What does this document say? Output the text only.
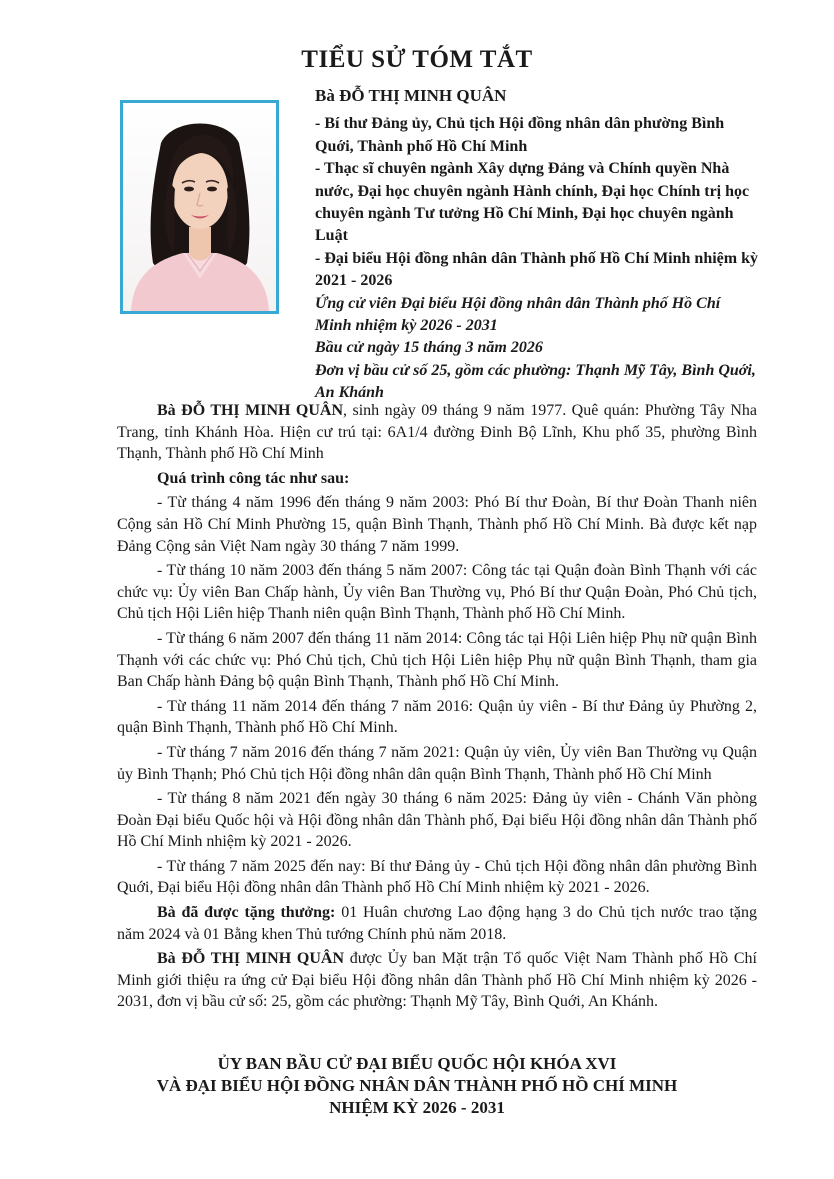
TIỂU SỬ TÓM TẮT

Bà ĐỖ THỊ MINH QUÂN

- Bí thư Đảng ủy, Chủ tịch Hội đồng nhân dân phường Bình Quới, Thành phố Hồ Chí Minh

- Thạc sĩ chuyên ngành Xây dựng Đảng và Chính quyền Nhà nước, Đại học chuyên ngành Hành chính, Đại học Chính trị học chuyên ngành Tư tưởng Hồ Chí Minh, Đại học chuyên ngành Luật

- Đại biểu Hội đồng nhân dân Thành phố Hồ Chí Minh nhiệm kỳ 2021 - 2026

Ứng cử viên Đại biểu Hội đồng nhân dân Thành phố Hồ Chí Minh nhiệm kỳ 2026 - 2031

Bầu cử ngày 15 tháng 3 năm 2026

Đơn vị bầu cử số 25, gồm các phường: Thạnh Mỹ Tây, Bình Quới, An Khánh

Bà ĐỖ THỊ MINH QUÂN, sinh ngày 09 tháng 9 năm 1977. Quê quán: Phường Tây Nha Trang, tỉnh Khánh Hòa. Hiện cư trú tại: 6A1/4 đường Đinh Bộ Lĩnh, Khu phố 35, phường Bình Thạnh, Thành phố Hồ Chí Minh

Quá trình công tác như sau:

- Từ tháng 4 năm 1996 đến tháng 9 năm 2003: Phó Bí thư Đoàn, Bí thư Đoàn Thanh niên Cộng sản Hồ Chí Minh Phường 15, quận Bình Thạnh, Thành phố Hồ Chí Minh. Bà được kết nạp Đảng Cộng sản Việt Nam ngày 30 tháng 7 năm 1999.

- Từ tháng 10 năm 2003 đến tháng 5 năm 2007: Công tác tại Quận đoàn Bình Thạnh với các chức vụ: Ủy viên Ban Chấp hành, Ủy viên Ban Thường vụ, Phó Bí thư Quận Đoàn, Phó Chủ tịch, Chủ tịch Hội Liên hiệp Thanh niên quận Bình Thạnh, Thành phố Hồ Chí Minh.

- Từ tháng 6 năm 2007 đến tháng 11 năm 2014: Công tác tại Hội Liên hiệp Phụ nữ quận Bình Thạnh với các chức vụ: Phó Chủ tịch, Chủ tịch Hội Liên hiệp Phụ nữ quận Bình Thạnh, tham gia Ban Chấp hành Đảng bộ quận Bình Thạnh, Thành phố Hồ Chí Minh.

- Từ tháng 11 năm 2014 đến tháng 7 năm 2016: Quận ủy viên - Bí thư Đảng ủy Phường 2, quận Bình Thạnh, Thành phố Hồ Chí Minh.

- Từ tháng 7 năm 2016 đến tháng 7 năm 2021: Quận ủy viên, Ủy viên Ban Thường vụ Quận ủy Bình Thạnh; Phó Chủ tịch Hội đồng nhân dân quận Bình Thạnh, Thành phố Hồ Chí Minh

- Từ tháng 8 năm 2021 đến ngày 30 tháng 6 năm 2025: Đảng ủy viên - Chánh Văn phòng Đoàn Đại biểu Quốc hội và Hội đồng nhân dân Thành phố, Đại biểu Hội đồng nhân dân Thành phố Hồ Chí Minh nhiệm kỳ 2021 - 2026.

- Từ tháng 7 năm 2025 đến nay: Bí thư Đảng ủy - Chủ tịch Hội đồng nhân dân phường Bình Quới, Đại biểu Hội đồng nhân dân Thành phố Hồ Chí Minh nhiệm kỳ 2021 - 2026.

Bà đã được tặng thưởng: 01 Huân chương Lao động hạng 3 do Chủ tịch nước trao tặng năm 2024 và 01 Bằng khen Thủ tướng Chính phủ năm 2018.

Bà ĐỖ THỊ MINH QUÂN được Ủy ban Mặt trận Tổ quốc Việt Nam Thành phố Hồ Chí Minh giới thiệu ra ứng cử Đại biểu Hội đồng nhân dân Thành phố Hồ Chí Minh nhiệm kỳ 2026 - 2031, đơn vị bầu cử số: 25, gồm các phường: Thạnh Mỹ Tây, Bình Quới, An Khánh.

ỦY BAN BẦU CỬ ĐẠI BIỂU QUỐC HỘI KHÓA XVI

VÀ ĐẠI BIỂU HỘI ĐỒNG NHÂN DÂN THÀNH PHỐ HỒ CHÍ MINH

NHIỆM KỲ 2026 - 2031
